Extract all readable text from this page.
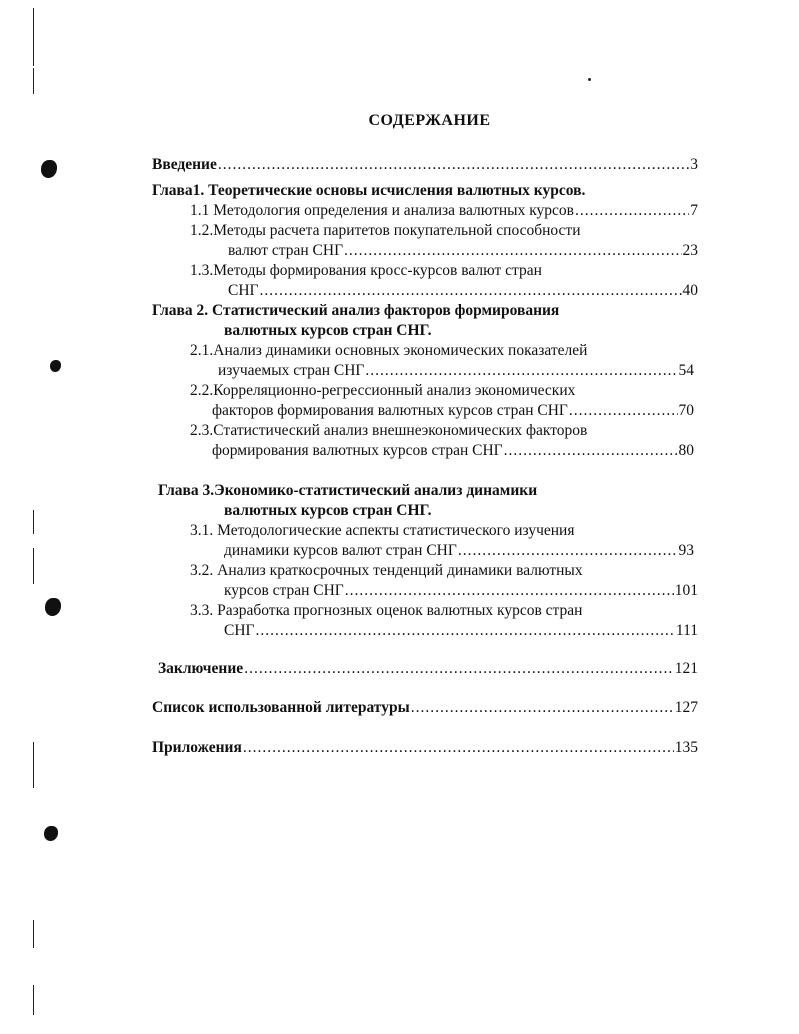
СОДЕРЖАНИЕ
Введение .....	3
Глава1. Теоретические основы исчисления валютных курсов.
1.1 Методология определения и анализа валютных курсов .....	7
1.2.Методы расчета паритетов покупательной способности
валют стран СНГ .....	23
1.3.Методы формирования кросс-курсов валют стран
СНГ .....	40
Глава 2. Статистический анализ факторов формирования
валютных курсов стран СНГ.
2.1.Анализ динамики основных экономических показателей
изучаемых стран СНГ .....	54
2.2.Корреляционно-регрессионный анализ экономических
факторов формирования валютных курсов стран СНГ .....	70
2.3.Статистический анализ внешнеэкономических факторов
формирования валютных курсов стран СНГ .....	80
Глава 3.Экономико-статистический анализ динамики
валютных курсов стран СНГ.
3.1. Методологические аспекты статистического изучения
динамики курсов валют стран СНГ .....	93
3.2. Анализ краткосрочных тенденций динамики валютных
курсов стран СНГ .....	101
3.3. Разработка прогнозных оценок валютных курсов стран
СНГ .....	111
Заключение .....	121
Список использованной литературы .....	127
Приложения .....	135
